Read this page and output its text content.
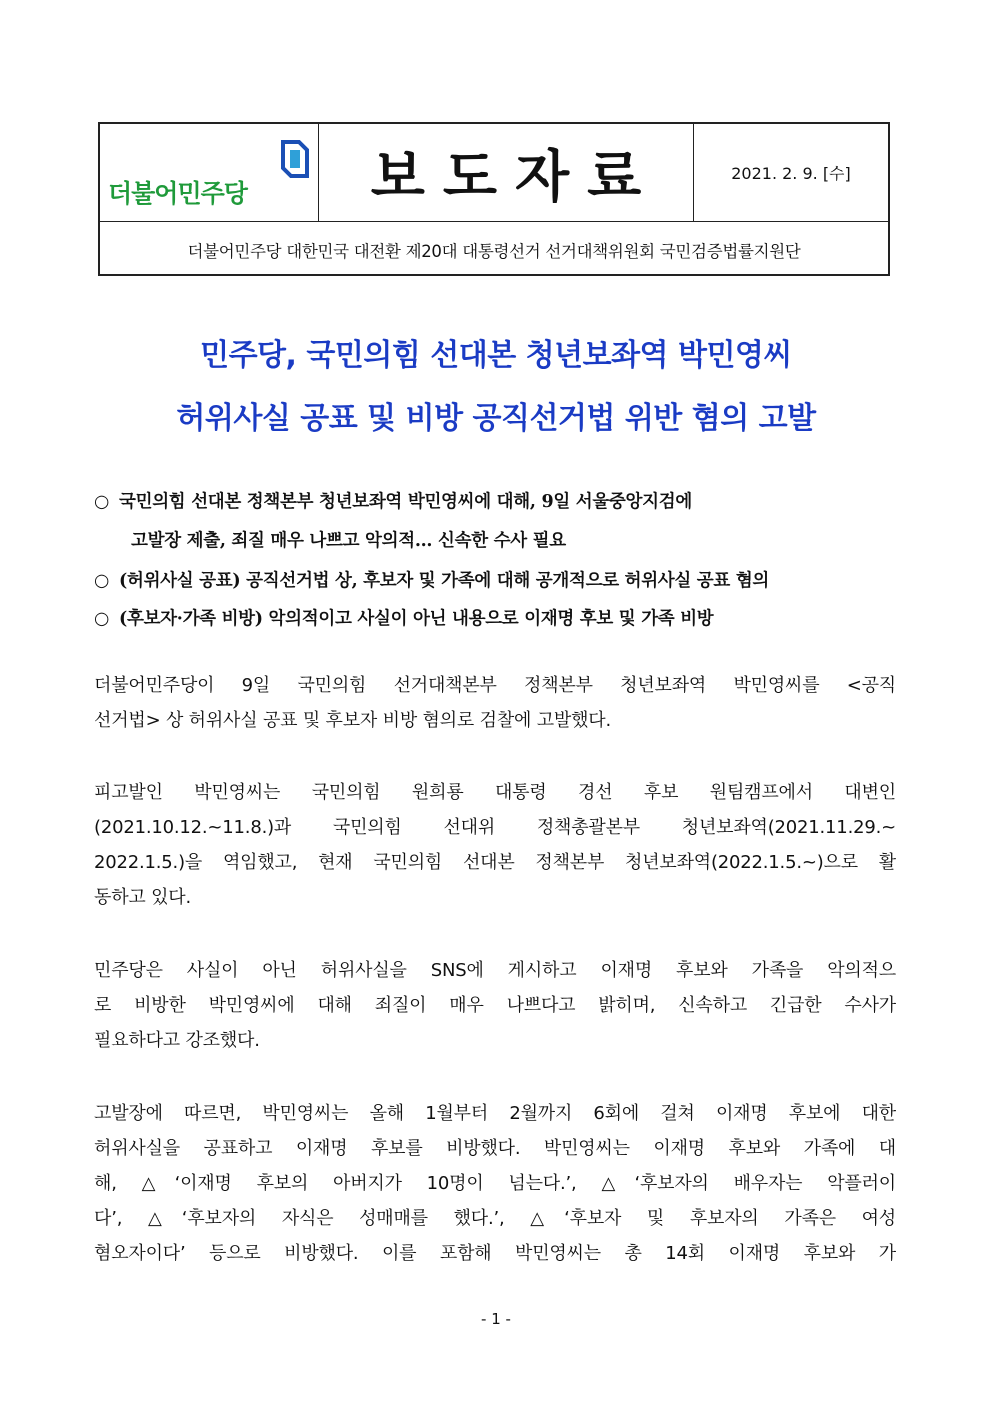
더불어민주당	보도자료	2021. 2. 9. [수]
더불어민주당 대한민국 대전환 제20대 대통령선거 선거대책위원회 국민검증법률지원단
민주당, 국민의힘 선대본 청년보좌역 박민영씨
허위사실 공표 및 비방 공직선거법 위반 혐의 고발
○ 국민의힘 선대본 정책본부 청년보좌역 박민영씨에 대해, 9일 서울중앙지검에
고발장 제출, 죄질 매우 나쁘고 악의적... 신속한 수사 필요
○ (허위사실 공표) 공직선거법 상, 후보자 및 가족에 대해 공개적으로 허위사실 공표 혐의
○ (후보자·가족 비방) 악의적이고 사실이 아닌 내용으로 이재명 후보 및 가족 비방
더불어민주당이 9일 국민의힘 선거대책본부 정책본부 청년보좌역 박민영씨를 <공직
선거법> 상 허위사실 공표 및 후보자 비방 혐의로 검찰에 고발했다.
피고발인 박민영씨는 국민의힘 원희룡 대통령 경선 후보 원팀캠프에서 대변인
(2021.10.12.~11.8.)과 국민의힘 선대위 정책총괄본부 청년보좌역(2021.11.29.~
2022.1.5.)을 역임했고, 현재 국민의힘 선대본 정책본부 청년보좌역(2022.1.5.~)으로 활
동하고 있다.
민주당은 사실이 아닌 허위사실을 SNS에 게시하고 이재명 후보와 가족을 악의적으
로 비방한 박민영씨에 대해 죄질이 매우 나쁘다고 밝히며, 신속하고 긴급한 수사가
필요하다고 강조했다.
고발장에 따르면, 박민영씨는 올해 1월부터 2월까지 6회에 걸쳐 이재명 후보에 대한
허위사실을 공표하고 이재명 후보를 비방했다. 박민영씨는 이재명 후보와 가족에 대
해, △‘이재명 후보의 아버지가 10명이 넘는다.’, △‘후보자의 배우자는 악플러이
다’, △‘후보자의 자식은 성매매를 했다.’, △‘후보자 및 후보자의 가족은 여성
혐오자이다’ 등으로 비방했다. 이를 포함해 박민영씨는 총 14회 이재명 후보와 가
- 1 -
